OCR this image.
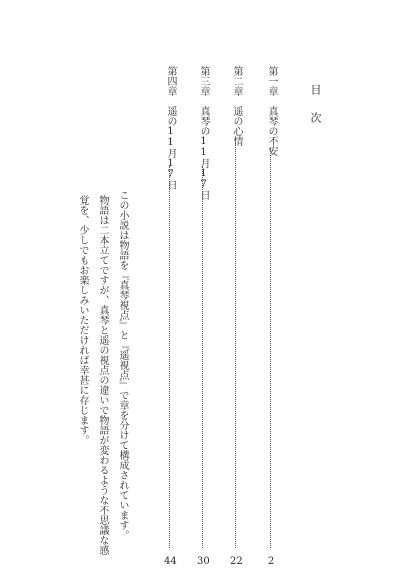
目次
第一章　真琴の不安
2
第二章　遥の心情
22
第三章　真琴の11月17日
30
第四章　遥の11月17日
44
この小説は物語を『真琴視点』と『遥視点』で章を分けて構成されています。
物語は二本立てですが、真琴と遥の視点の違いで物語が変わるような不思議な感
覚を、少しでもお楽しみいただければ幸甚に存じます。
